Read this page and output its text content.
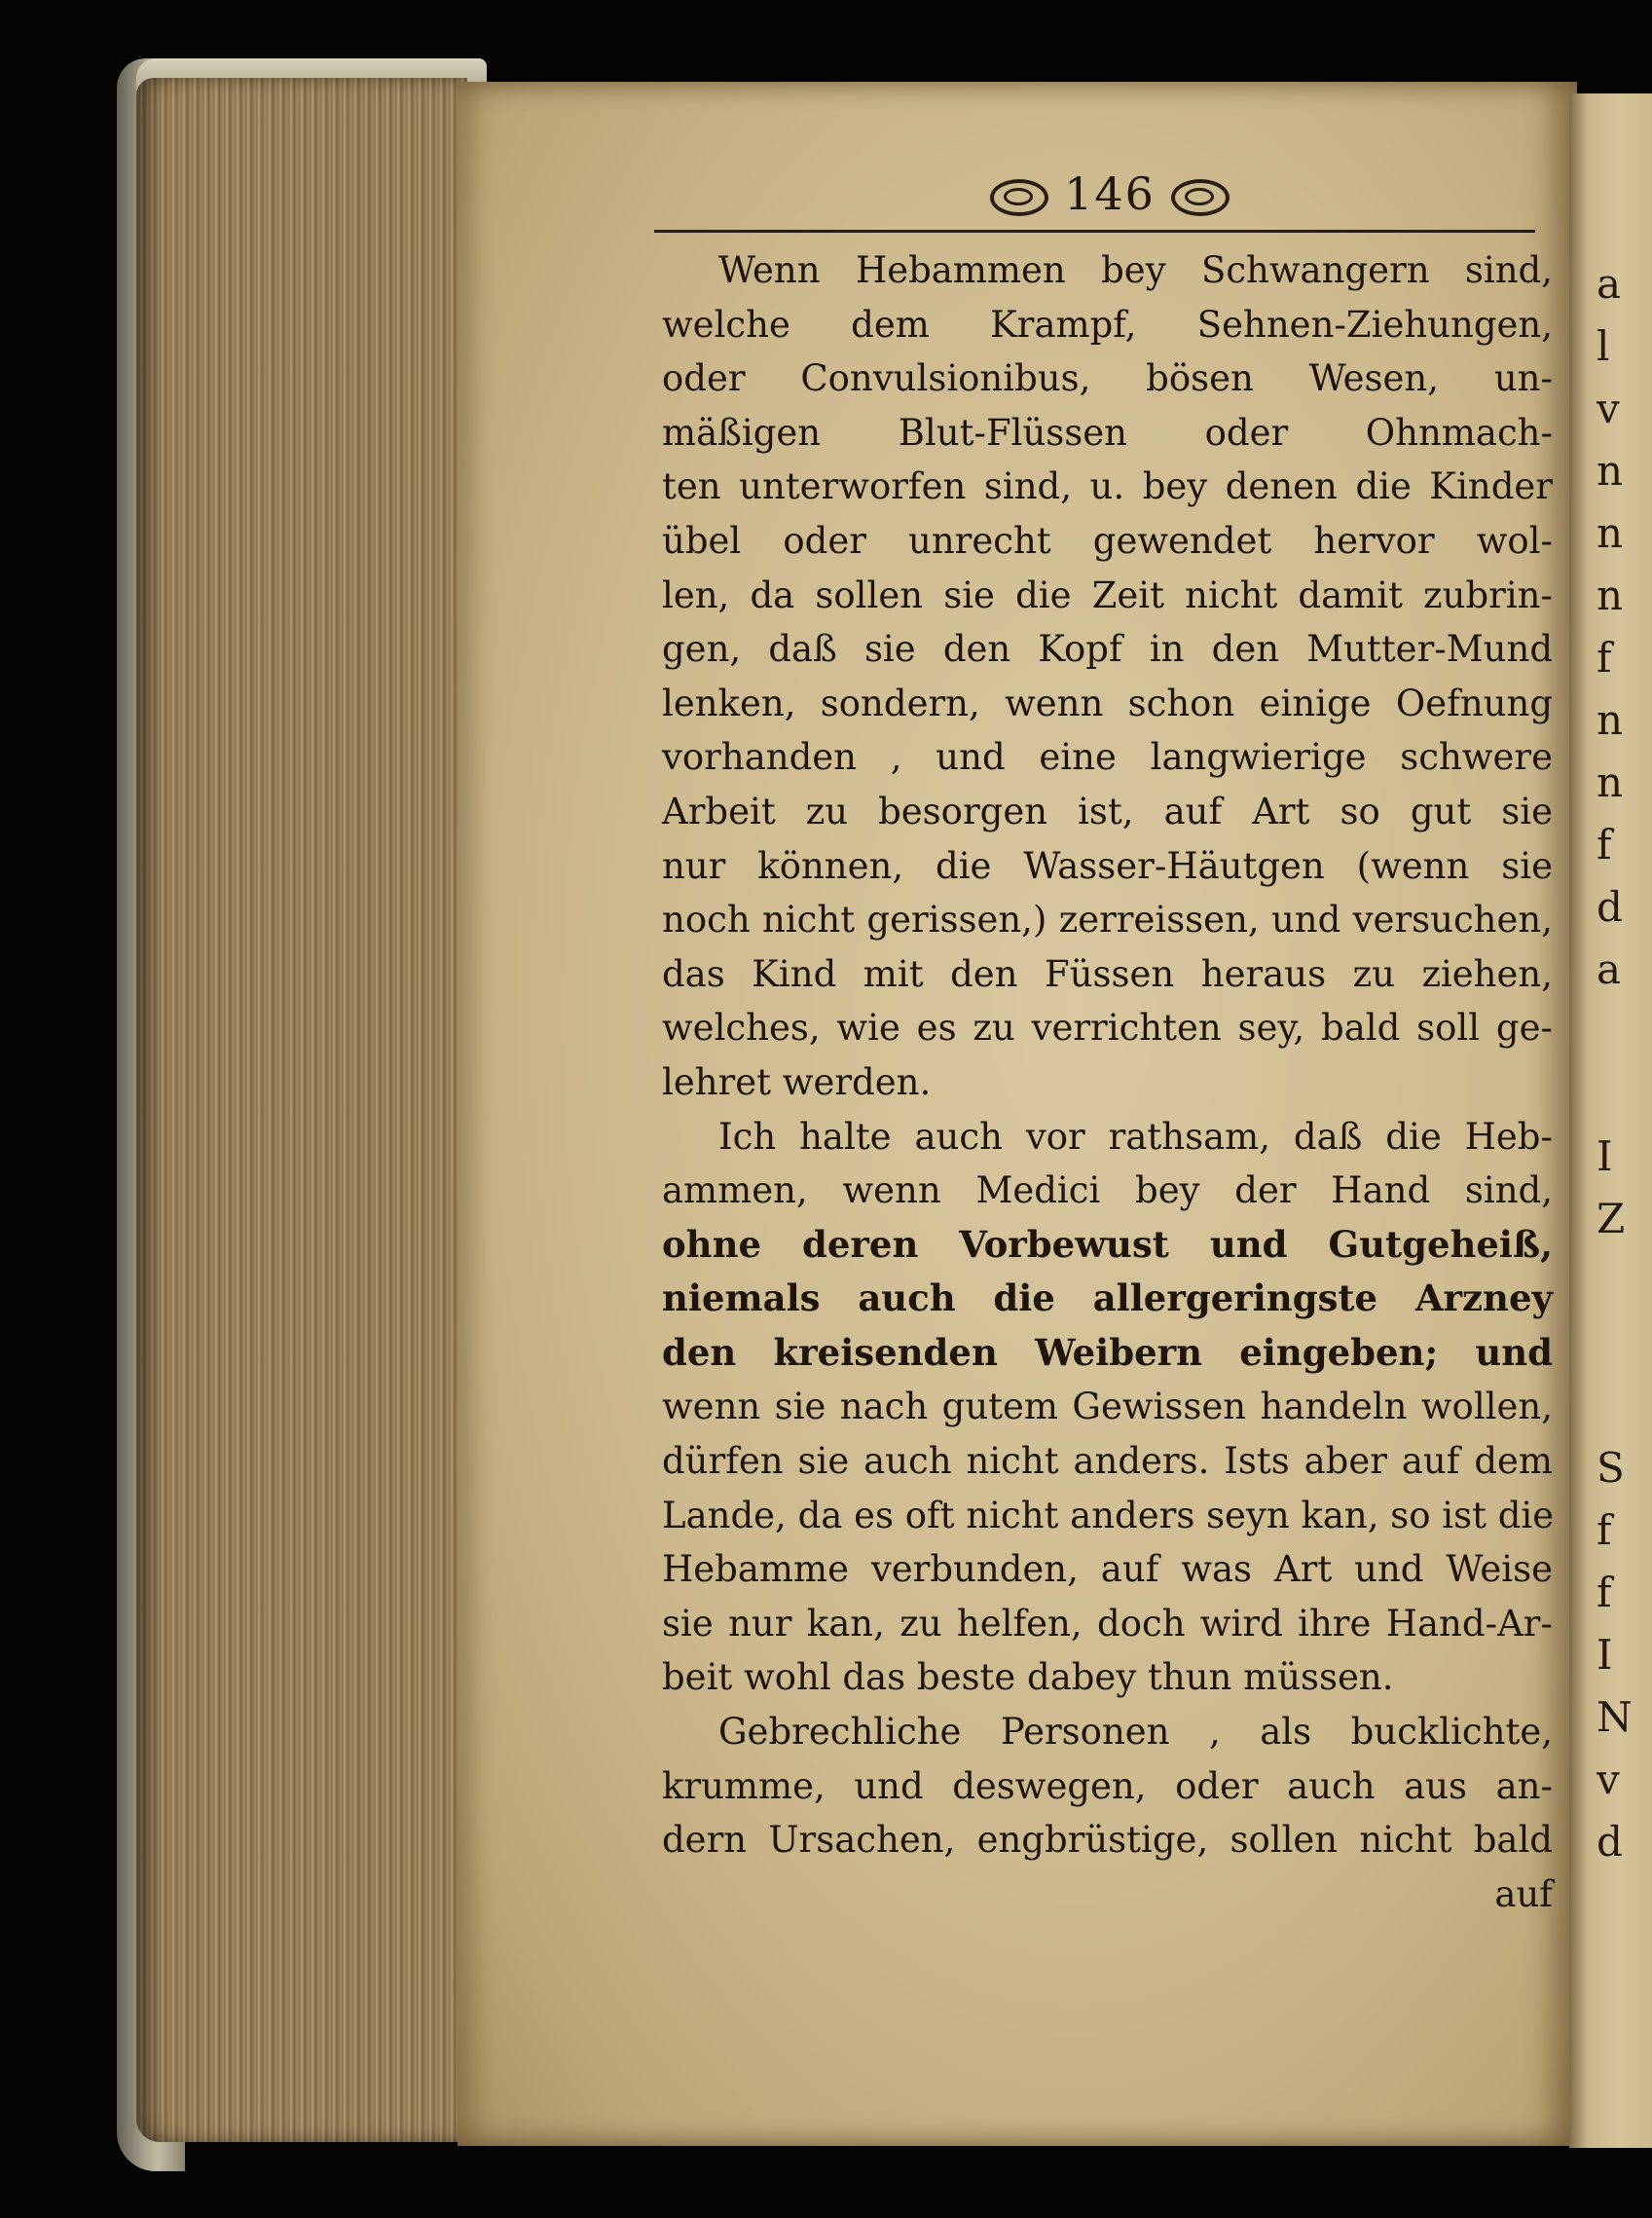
a
l
v
n
n
n
f
n
n
f
d
a

I
Z

S
f
f
I
N
v
d
146
Wenn Hebammen bey Schwangern sind,
welche dem Krampf, Sehnen-Ziehungen,
oder Convulsionibus, bösen Wesen, un-
mäßigen Blut-Flüssen oder Ohnmach-
ten unterworfen sind, u. bey denen die Kinder
übel oder unrecht gewendet hervor wol-
len, da sollen sie die Zeit nicht damit zubrin-
gen, daß sie den Kopf in den Mutter-Mund
lenken, sondern, wenn schon einige Oefnung
vorhanden , und eine langwierige schwere
Arbeit zu besorgen ist, auf Art so gut sie
nur können, die Wasser-Häutgen (wenn sie
noch nicht gerissen,) zerreissen, und versuchen,
das Kind mit den Füssen heraus zu ziehen,
welches, wie es zu verrichten sey, bald soll ge-
lehret werden.
Ich halte auch vor rathsam, daß die Heb-
ammen, wenn Medici bey der Hand sind,
ohne deren Vorbewust und Gutgeheiß,
niemals auch die allergeringste Arzney
den kreisenden Weibern eingeben; und
wenn sie nach gutem Gewissen handeln wollen,
dürfen sie auch nicht anders. Ists aber auf dem
Lande, da es oft nicht anders seyn kan, so ist die
Hebamme verbunden, auf was Art und Weise
sie nur kan, zu helfen, doch wird ihre Hand-Ar-
beit wohl das beste dabey thun müssen.
Gebrechliche Personen , als bucklichte,
krumme, und deswegen, oder auch aus an-
dern Ursachen, engbrüstige, sollen nicht bald
auf
